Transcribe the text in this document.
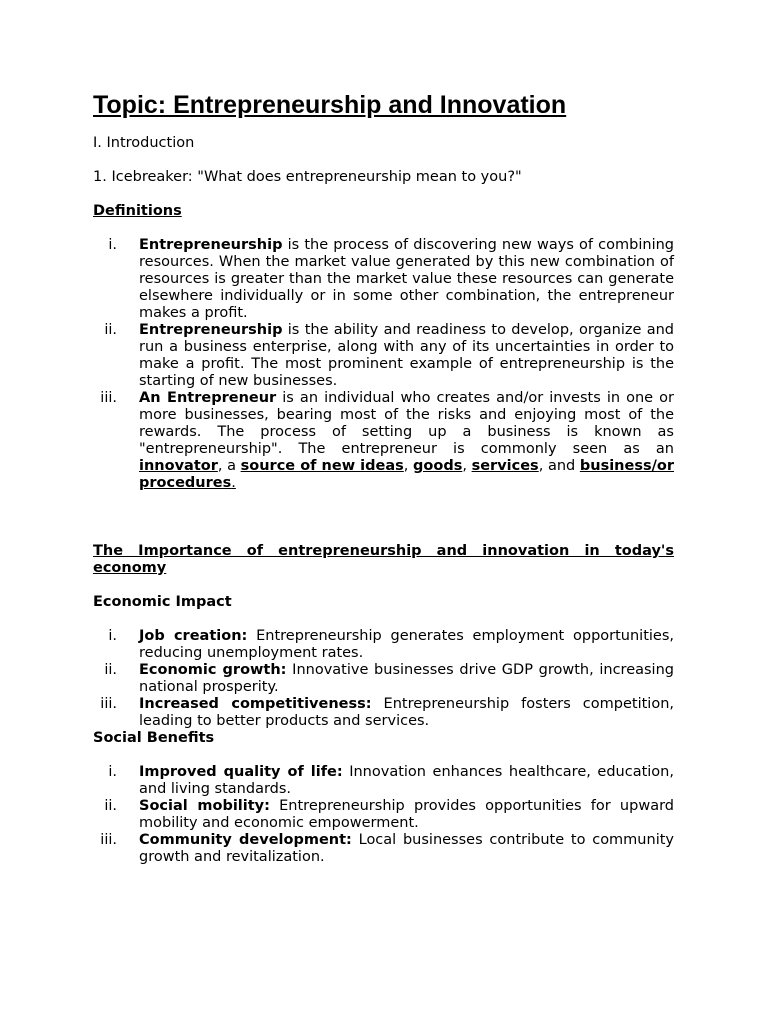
Topic: Entrepreneurship and Innovation

I. Introduction

1. Icebreaker: "What does entrepreneurship mean to you?"

Definitions

i. Entrepreneurship is the process of discovering new ways of combining resources. When the market value generated by this new combination of resources is greater than the market value these resources can generate elsewhere individually or in some other combination, the entrepreneur makes a profit.
ii. Entrepreneurship is the ability and readiness to develop, organize and run a business enterprise, along with any of its uncertainties in order to make a profit. The most prominent example of entrepreneurship is the starting of new businesses.
iii. An Entrepreneur is an individual who creates and/or invests in one or more businesses, bearing most of the risks and enjoying most of the rewards. The process of setting up a business is known as "entrepreneurship". The entrepreneur is commonly seen as an innovator, a source of new ideas, goods, services, and business/or procedures.

The Importance of entrepreneurship and innovation in today's economy

Economic Impact

i. Job creation: Entrepreneurship generates employment opportunities, reducing unemployment rates.
ii. Economic growth: Innovative businesses drive GDP growth, increasing national prosperity.
iii. Increased competitiveness: Entrepreneurship fosters competition, leading to better products and services.

Social Benefits

i. Improved quality of life: Innovation enhances healthcare, education, and living standards.
ii. Social mobility: Entrepreneurship provides opportunities for upward mobility and economic empowerment.
iii. Community development: Local businesses contribute to community growth and revitalization.
